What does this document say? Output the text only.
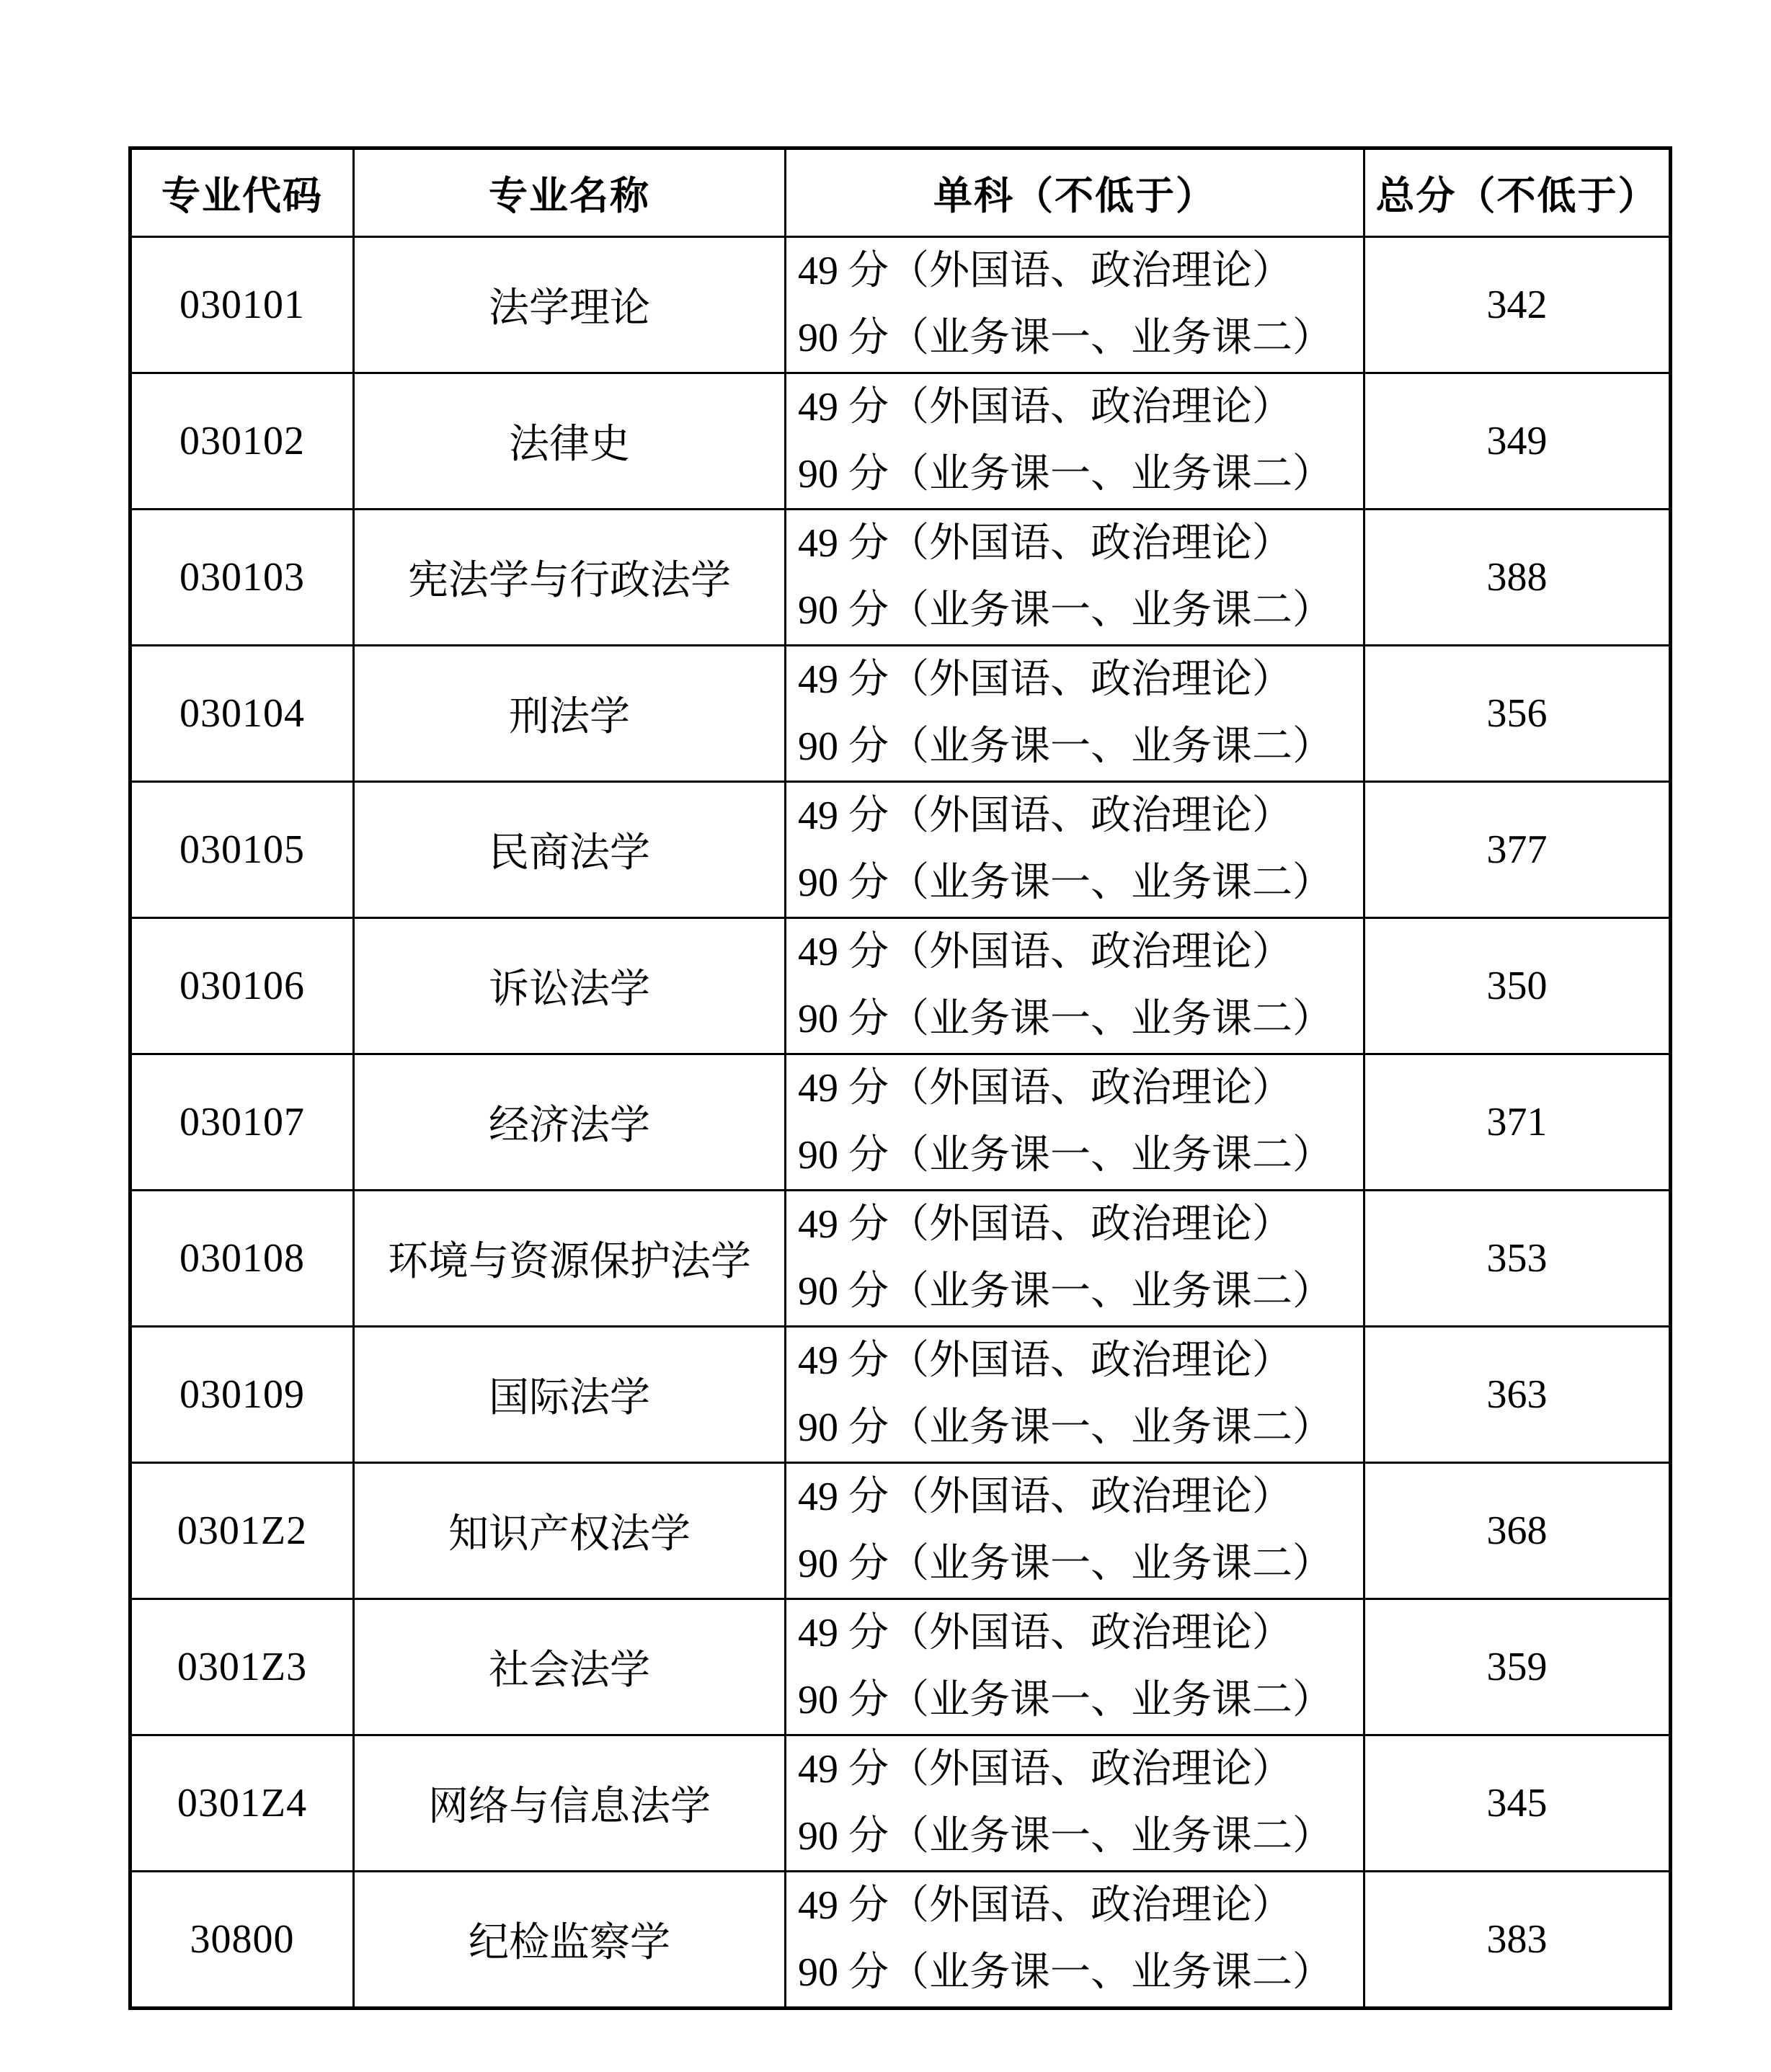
专业代码	专业名称	单科（不低于）	总分（不低于）
030101	法学理论	49 分（外国语、政治理论）
90 分（业务课一、业务课二）	342
030102	法律史	49 分（外国语、政治理论）
90 分（业务课一、业务课二）	349
030103	宪法学与行政法学	49 分（外国语、政治理论）
90 分（业务课一、业务课二）	388
030104	刑法学	49 分（外国语、政治理论）
90 分（业务课一、业务课二）	356
030105	民商法学	49 分（外国语、政治理论）
90 分（业务课一、业务课二）	377
030106	诉讼法学	49 分（外国语、政治理论）
90 分（业务课一、业务课二）	350
030107	经济法学	49 分（外国语、政治理论）
90 分（业务课一、业务课二）	371
030108	环境与资源保护法学	49 分（外国语、政治理论）
90 分（业务课一、业务课二）	353
030109	国际法学	49 分（外国语、政治理论）
90 分（业务课一、业务课二）	363
0301Z2	知识产权法学	49 分（外国语、政治理论）
90 分（业务课一、业务课二）	368
0301Z3	社会法学	49 分（外国语、政治理论）
90 分（业务课一、业务课二）	359
0301Z4	网络与信息法学	49 分（外国语、政治理论）
90 分（业务课一、业务课二）	345
30800	纪检监察学	49 分（外国语、政治理论）
90 分（业务课一、业务课二）	383
